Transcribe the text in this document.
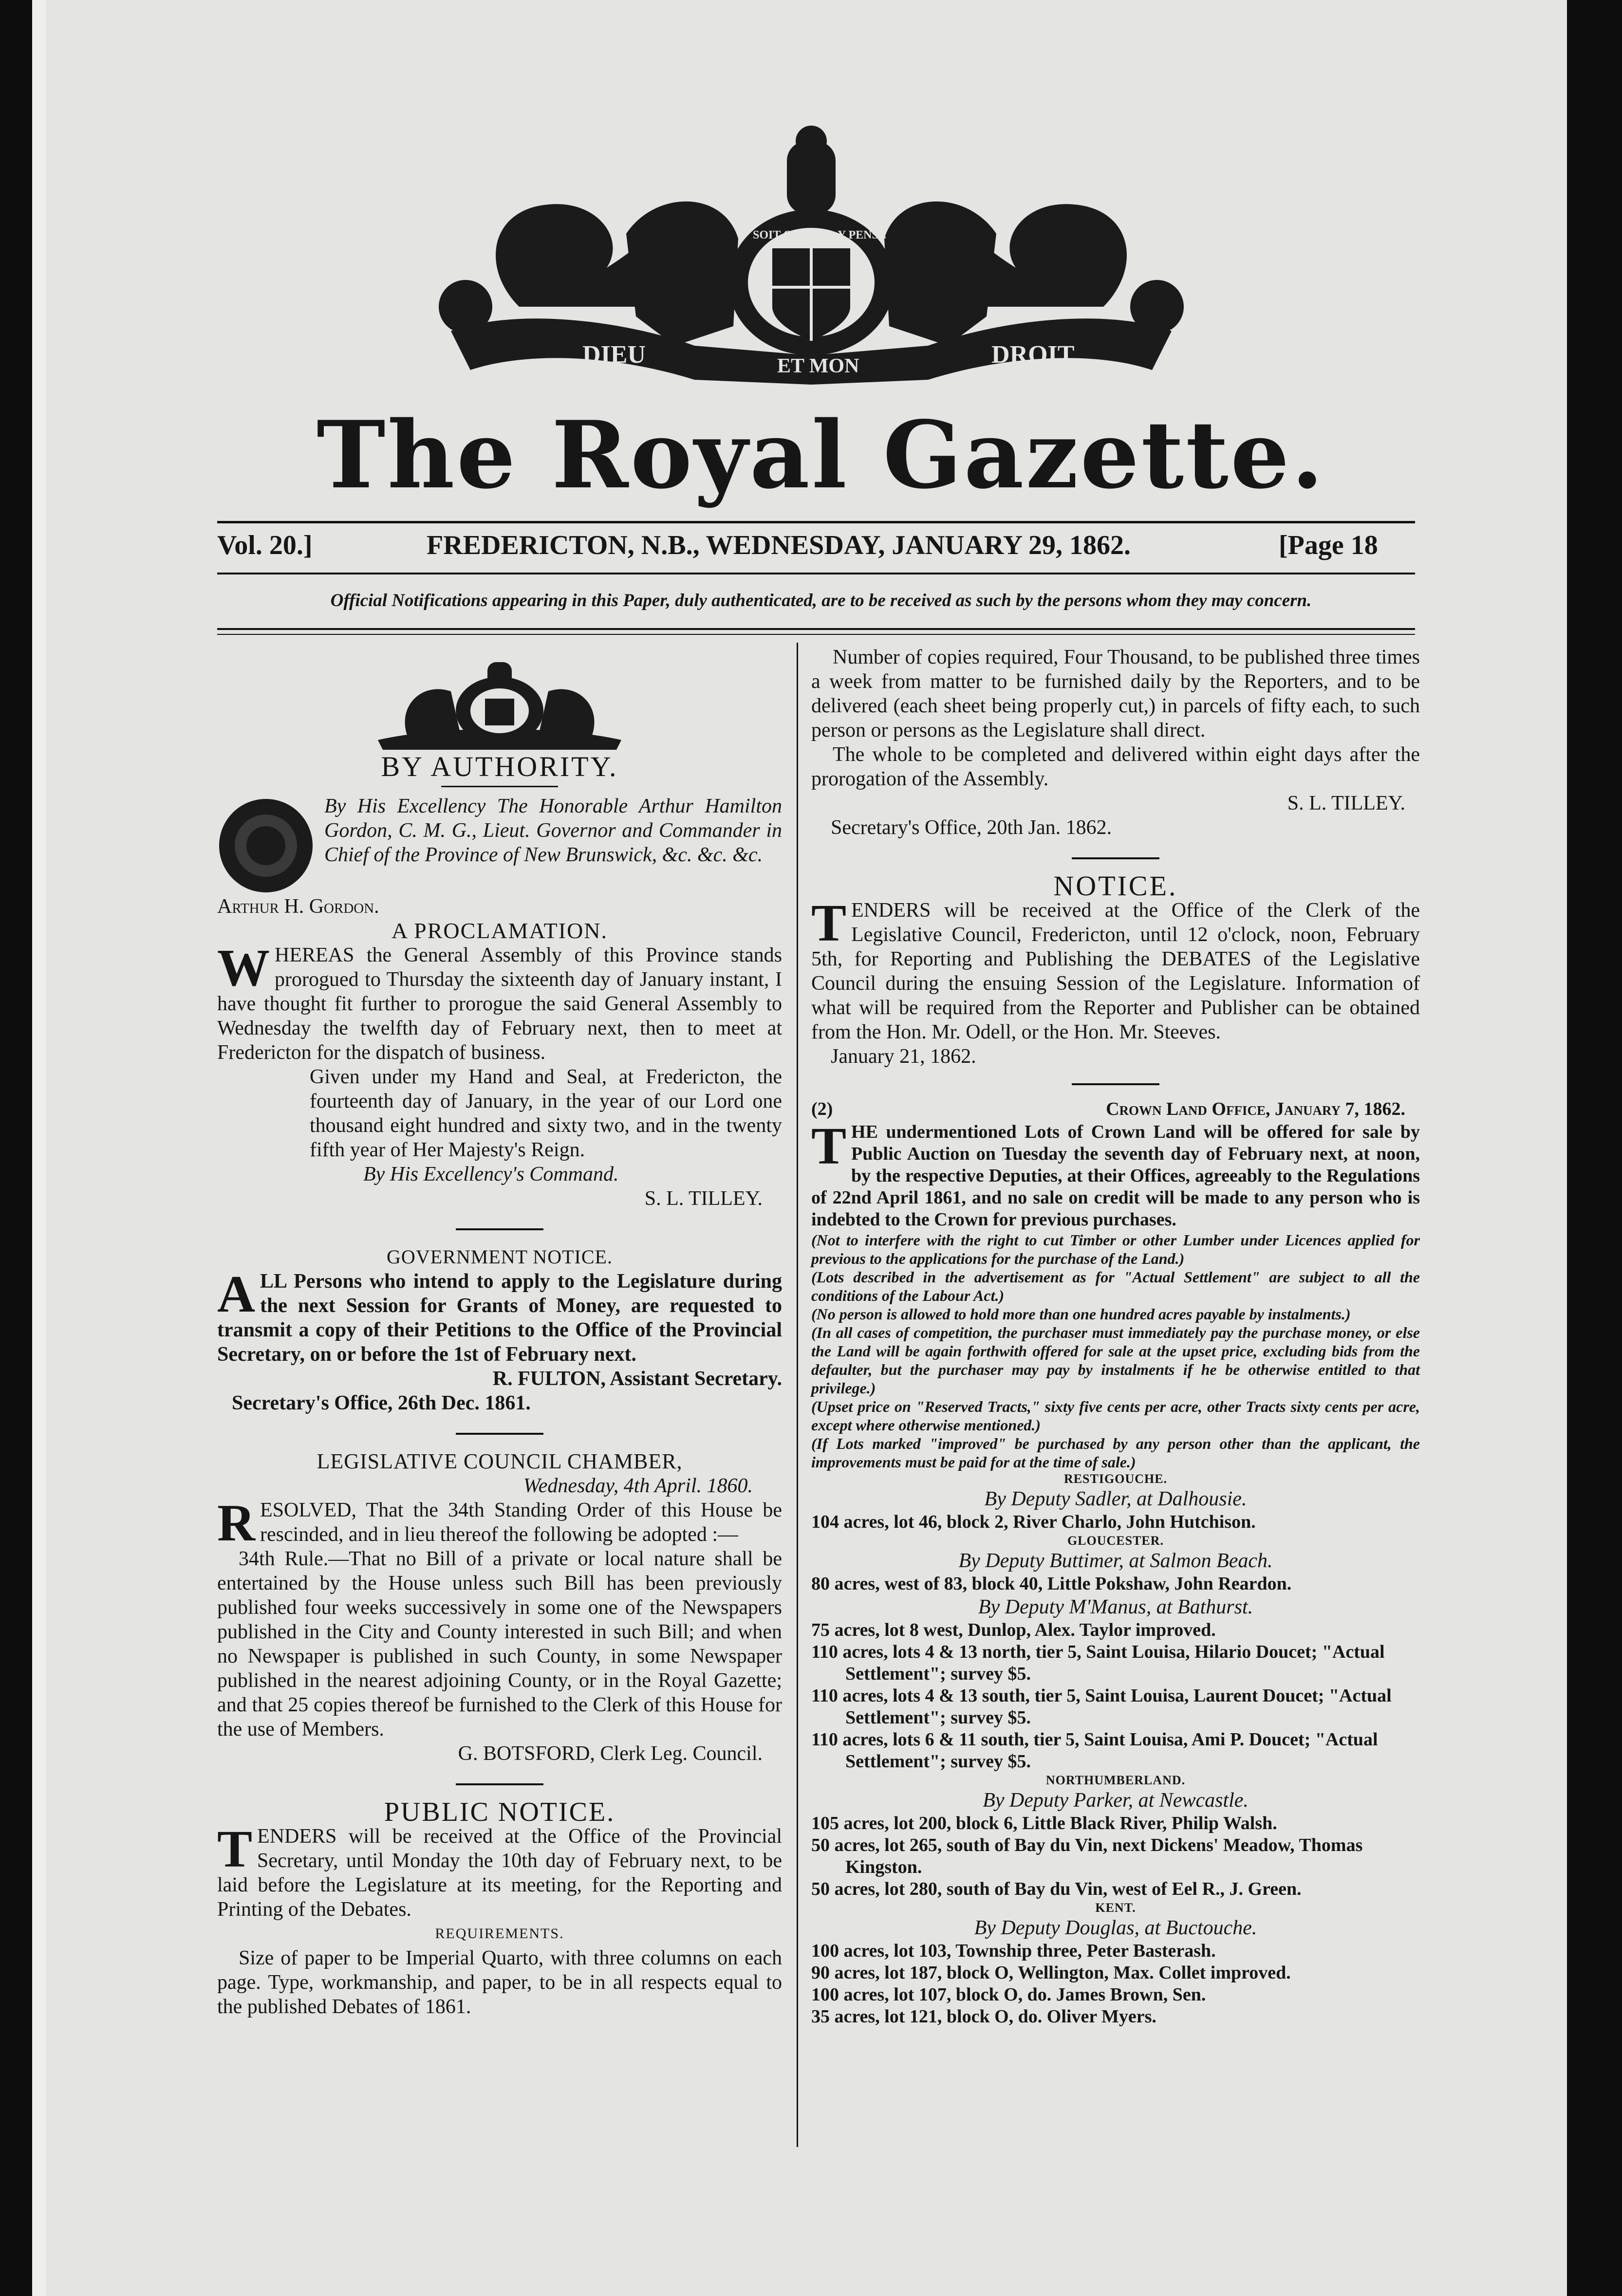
DIEU	ET MON	DROIT
SOIT QUI MAL Y PENSE
The Royal Gazette.
Vol. 20.]	FREDERICTON, N.B., WEDNESDAY, JANUARY 29, 1862.	[Page 18
Official Notifications appearing in this Paper, duly authenticated, are to be received as such by the persons whom they may concern.

BY AUTHORITY.

By His Excellency The Honorable Arthur Hamilton Gordon, C. M. G., Lieut. Governor and Commander in Chief of the Province of New Brunswick, &c. &c. &c.

Arthur H. Gordon.

A PROCLAMATION.

WHEREAS the General Assembly of this Province stands prorogued to Thursday the sixteenth day of January instant, I have thought fit further to prorogue the said General Assembly to Wednesday the twelfth day of February next, then to meet at Fredericton for the dispatch of business.

Given under my Hand and Seal, at Fredericton, the fourteenth day of January, in the year of our Lord one thousand eight hundred and sixty two, and in the twenty fifth year of Her Majesty's Reign.

By His Excellency's Command.

S. L. TILLEY.

GOVERNMENT NOTICE.

ALL Persons who intend to apply to the Legislature during the next Session for Grants of Money, are requested to transmit a copy of their Petitions to the Office of the Provincial Secretary, on or before the 1st of February next.

R. FULTON, Assistant Secretary.

Secretary's Office, 26th Dec. 1861.

LEGISLATIVE COUNCIL CHAMBER,

Wednesday, 4th April. 1860.

RESOLVED, That the 34th Standing Order of this House be rescinded, and in lieu thereof the following be adopted :—

34th Rule.—That no Bill of a private or local nature shall be entertained by the House unless such Bill has been previously published four weeks successively in some one of the Newspapers published in the City and County interested in such Bill; and when no Newspaper is published in such County, in some Newspaper published in the nearest adjoining County, or in the Royal Gazette; and that 25 copies thereof be furnished to the Clerk of this House for the use of Members.

G. BOTSFORD, Clerk Leg. Council.

PUBLIC NOTICE.

TENDERS will be received at the Office of the Provincial Secretary, until Monday the 10th day of February next, to be laid before the Legislature at its meeting, for the Reporting and Printing of the Debates.

REQUIREMENTS.

Size of paper to be Imperial Quarto, with three columns on each page. Type, workmanship, and paper, to be in all respects equal to the published Debates of 1861.

Number of copies required, Four Thousand, to be published three times a week from matter to be furnished daily by the Reporters, and to be delivered (each sheet being properly cut,) in parcels of fifty each, to such person or persons as the Legislature shall direct.

The whole to be completed and delivered within eight days after the prorogation of the Assembly.

S. L. TILLEY.

Secretary's Office, 20th Jan. 1862.

NOTICE.

TENDERS will be received at the Office of the Clerk of the Legislative Council, Fredericton, until 12 o'clock, noon, February 5th, for Reporting and Publishing the DEBATES of the Legislative Council during the ensuing Session of the Legislature. Information of what will be required from the Reporter and Publisher can be obtained from the Hon. Mr. Odell, or the Hon. Mr. Steeves.

January 21, 1862.

(2)	Crown Land Office, January 7, 1862.

THE undermentioned Lots of Crown Land will be offered for sale by Public Auction on Tuesday the seventh day of February next, at noon, by the respective Deputies, at their Offices, agreeably to the Regulations of 22nd April 1861, and no sale on credit will be made to any person who is indebted to the Crown for previous purchases.

(Not to interfere with the right to cut Timber or other Lumber under Licences applied for previous to the applications for the purchase of the Land.)

(Lots described in the advertisement as for "Actual Settlement" are subject to all the conditions of the Labour Act.)

(No person is allowed to hold more than one hundred acres payable by instalments.)

(In all cases of competition, the purchaser must immediately pay the purchase money, or else the Land will be again forthwith offered for sale at the upset price, excluding bids from the defaulter, but the purchaser may pay by instalments if he be otherwise entitled to that privilege.)

(Upset price on "Reserved Tracts," sixty five cents per acre, other Tracts sixty cents per acre, except where otherwise mentioned.)

(If Lots marked "improved" be purchased by any person other than the applicant, the improvements must be paid for at the time of sale.)

RESTIGOUCHE.

By Deputy Sadler, at Dalhousie.

104 acres, lot 46, block 2, River Charlo, John Hutchison.

GLOUCESTER.

By Deputy Buttimer, at Salmon Beach.

80 acres, west of 83, block 40, Little Pokshaw, John Reardon.

By Deputy M'Manus, at Bathurst.

75 acres, lot 8 west, Dunlop, Alex. Taylor improved.

110 acres, lots 4 & 13 north, tier 5, Saint Louisa, Hilario Doucet; "Actual Settlement"; survey $5.

110 acres, lots 4 & 13 south, tier 5, Saint Louisa, Laurent Doucet; "Actual Settlement"; survey $5.

110 acres, lots 6 & 11 south, tier 5, Saint Louisa, Ami P. Doucet; "Actual Settlement"; survey $5.

NORTHUMBERLAND.

By Deputy Parker, at Newcastle.

105 acres, lot 200, block 6, Little Black River, Philip Walsh.

50 acres, lot 265, south of Bay du Vin, next Dickens' Meadow, Thomas Kingston.

50 acres, lot 280, south of Bay du Vin, west of Eel R., J. Green.

KENT.

By Deputy Douglas, at Buctouche.

100 acres, lot 103, Township three, Peter Basterash.

90 acres, lot 187, block O, Wellington, Max. Collet improved.

100 acres, lot 107, block O, do. James Brown, Sen.

35 acres, lot 121, block O, do. Oliver Myers.
